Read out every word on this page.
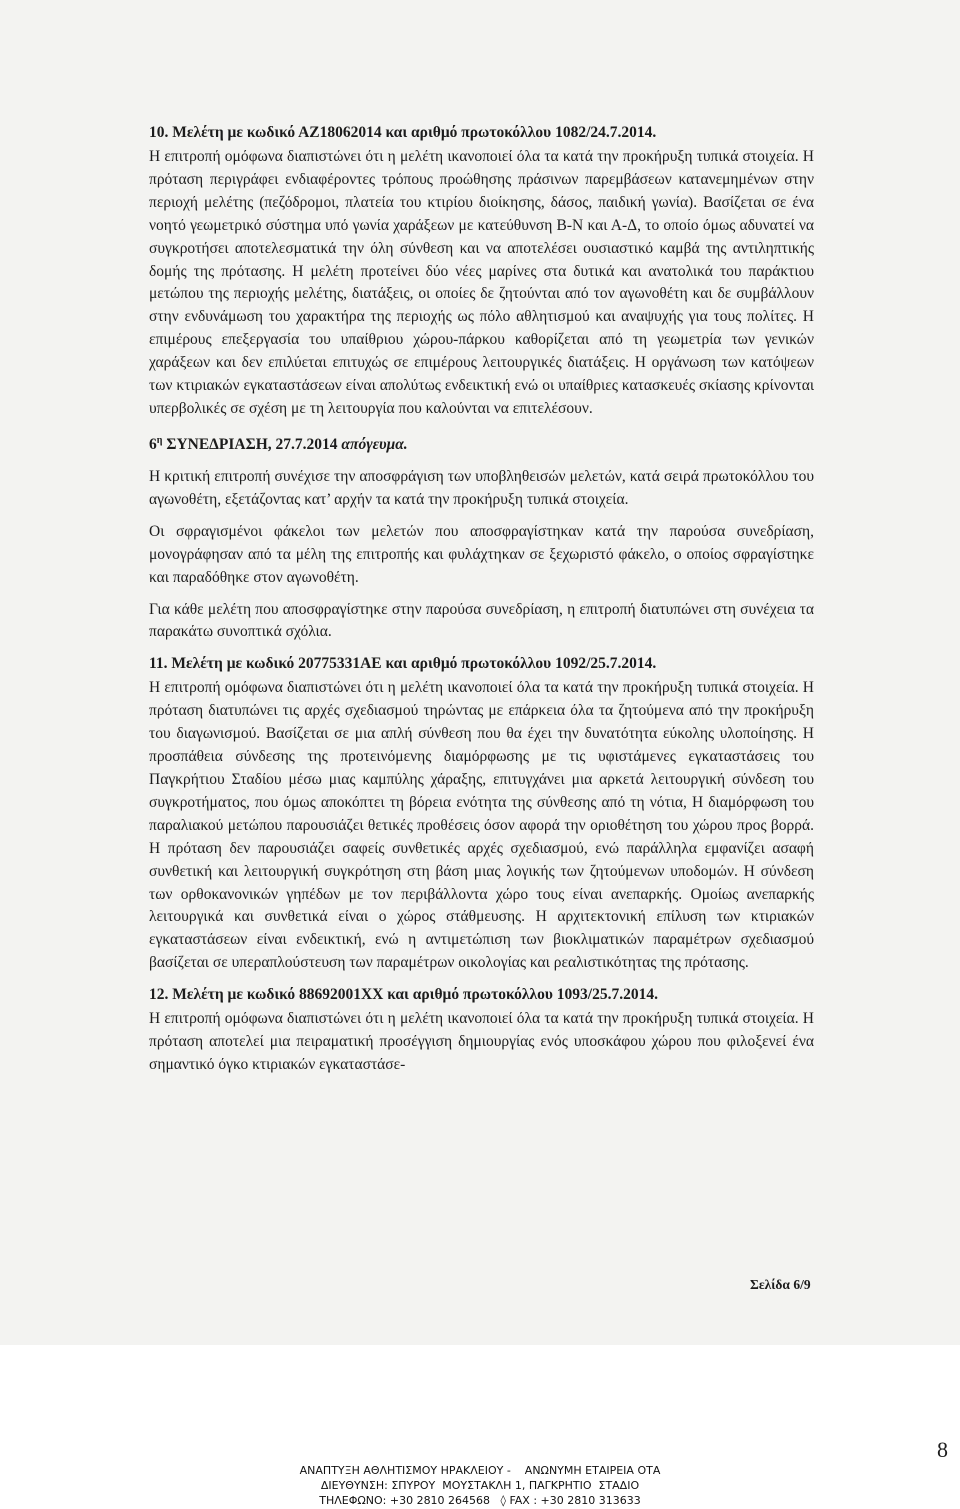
10. Μελέτη με κωδικό ΑΖ18062014 και αριθμό πρωτοκόλλου 1082/24.7.2014.

Η επιτροπή ομόφωνα διαπιστώνει ότι η μελέτη ικανοποιεί όλα τα κατά την προκήρυξη τυπικά στοιχεία. Η πρόταση περιγράφει ενδιαφέροντες τρόπους προώθησης πράσινων παρεμβάσεων κατανεμημένων στην περιοχή μελέτης (πεζόδρομοι, πλατεία του κτιρίου διοίκησης, δάσος, παιδική γωνία). Βασίζεται σε ένα νοητό γεωμετρικό σύστημα υπό γωνία χαράξεων με κατεύθυνση Β-Ν και Α-Δ, το οποίο όμως αδυνατεί να συγκροτήσει αποτελεσματικά την όλη σύνθεση και να αποτελέσει ουσιαστικό καμβά της αντιληπτικής δομής της πρότασης. Η μελέτη προτείνει δύο νέες μαρίνες στα δυτικά και ανατολικά του παράκτιου μετώπου της περιοχής μελέτης, διατάξεις, οι οποίες δε ζητούνται από τον αγωνοθέτη και δε συμβάλλουν στην ενδυνάμωση του χαρακτήρα της περιοχής ως πόλο αθλητισμού και αναψυχής για τους πολίτες. Η επιμέρους επεξεργασία του υπαίθριου χώρου-πάρκου καθορίζεται από τη γεωμετρία των γενικών χαράξεων και δεν επιλύεται επιτυχώς σε επιμέρους λειτουργικές διατάξεις. Η οργάνωση των κατόψεων των κτιριακών εγκαταστάσεων είναι απολύτως ενδεικτική ενώ οι υπαίθριες κατασκευές σκίασης κρίνονται υπερβολικές σε σχέση με τη λειτουργία που καλούνται να επιτελέσουν.

$6^\eta$ ΣΥΝΕΔΡΙΑΣΗ, 27.7.2014 απόγευμα.

Η κριτική επιτροπή συνέχισε την αποσφράγιση των υποβληθεισών μελετών, κατά σειρά πρωτοκόλλου του αγωνοθέτη, εξετάζοντας κατ’ αρχήν τα κατά την προκήρυξη τυπικά στοιχεία.

Οι σφραγισμένοι φάκελοι των μελετών που αποσφραγίστηκαν κατά την παρούσα συνεδρίαση, μονογράφησαν από τα μέλη της επιτροπής και φυλάχτηκαν σε ξεχωριστό φάκελο, ο οποίος σφραγίστηκε και παραδόθηκε στον αγωνοθέτη.

Για κάθε μελέτη που αποσφραγίστηκε στην παρούσα συνεδρίαση, η επιτροπή διατυπώνει στη συνέχεια τα παρακάτω συνοπτικά σχόλια.

11. Μελέτη με κωδικό 20775331ΑΕ και αριθμό πρωτοκόλλου 1092/25.7.2014.

Η επιτροπή ομόφωνα διαπιστώνει ότι η μελέτη ικανοποιεί όλα τα κατά την προκήρυξη τυπικά στοιχεία. Η πρόταση διατυπώνει τις αρχές σχεδιασμού τηρώντας με επάρκεια όλα τα ζητούμενα από την προκήρυξη του διαγωνισμού. Βασίζεται σε μια απλή σύνθεση που θα έχει την δυνατότητα εύκολης υλοποίησης. Η προσπάθεια σύνδεσης της προτεινόμενης διαμόρφωσης με τις υφιστάμενες εγκαταστάσεις του Παγκρήτιου Σταδίου μέσω μιας καμπύλης χάραξης, επιτυγχάνει μια αρκετά λειτουργική σύνδεση του συγκροτήματος, που όμως αποκόπτει τη βόρεια ενότητα της σύνθεσης από τη νότια, Η διαμόρφωση του παραλιακού μετώπου παρουσιάζει θετικές προθέσεις όσον αφορά την οριοθέτηση του χώρου προς βορρά. Η πρόταση δεν παρουσιάζει σαφείς συνθετικές αρχές σχεδιασμού, ενώ παράλληλα εμφανίζει ασαφή συνθετική και λειτουργική συγκρότηση στη βάση μιας λογικής των ζητούμενων υποδομών. Η σύνδεση των ορθοκανονικών γηπέδων με τον περιβάλλοντα χώρο τους είναι ανεπαρκής. Ομοίως ανεπαρκής λειτουργικά και συνθετικά είναι ο χώρος στάθμευσης. Η αρχιτεκτονική επίλυση των κτιριακών εγκαταστάσεων είναι ενδεικτική, ενώ η αντιμετώπιση των βιοκλιματικών παραμέτρων σχεδιασμού βασίζεται σε υπεραπλούστευση των παραμέτρων οικολογίας και ρεαλιστικότητας της πρότασης.

12. Μελέτη με κωδικό 88692001ΧΧ και αριθμό πρωτοκόλλου 1093/25.7.2014.

Η επιτροπή ομόφωνα διαπιστώνει ότι η μελέτη ικανοποιεί όλα τα κατά την προκήρυξη τυπικά στοιχεία. Η πρόταση αποτελεί μια πειραματική προσέγγιση δημιουργίας ενός υποσκάφου χώρου που φιλοξενεί ένα σημαντικό όγκο κτιριακών εγκαταστάσε-

Σελίδα 6/9
8
ΑΝΑΠΤΥΞΗ ΑΘΛΗΤΙΣΜΟΥ ΗΡΑΚΛΕΙΟΥ -    ΑΝΩΝΥΜΗ ΕΤΑΙΡΕΙΑ ΟΤΑ
ΔΙΕΥΘΥΝΣΗ: ΣΠΥΡΟΥ  ΜΟΥΣΤΑΚΛΗ 1, ΠΑΓΚΡΗΤΙΟ  ΣΤΑΔΙΟ
ΤΗΛΕΦΩΝΟ: +30 2810 264568   ◊ FAX : +30 2810 313633
